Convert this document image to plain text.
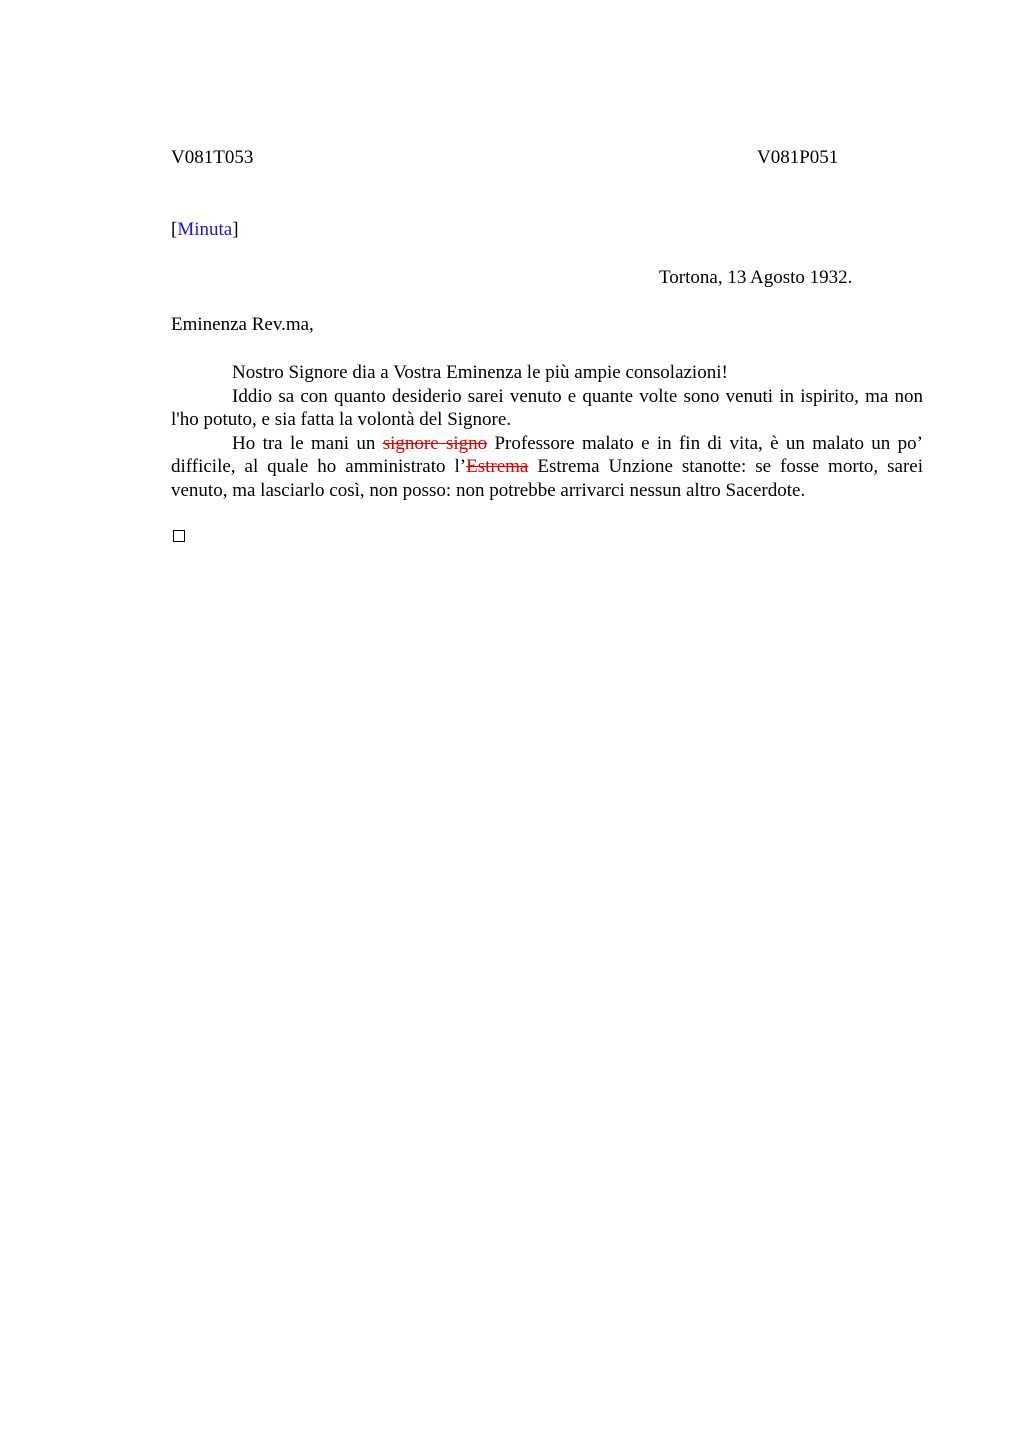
V081T053	V081P051
[Minuta]
Tortona, 13 Agosto 1932.
Eminenza Rev.ma,

Nostro Signore dia a Vostra Eminenza le più ampie consolazioni!

Iddio sa con quanto desiderio sarei venuto e quante volte sono venuti in ispirito, ma non l'ho potuto, e sia fatta la volontà del Signore.

Ho tra le mani un signore signo Professore malato e in fin di vita, è un malato un po’ difficile, al quale ho amministrato l’Estrema Estrema Unzione stanotte: se fosse morto, sarei venuto, ma lasciarlo così, non posso: non potrebbe arrivarci nessun altro Sacerdote.
